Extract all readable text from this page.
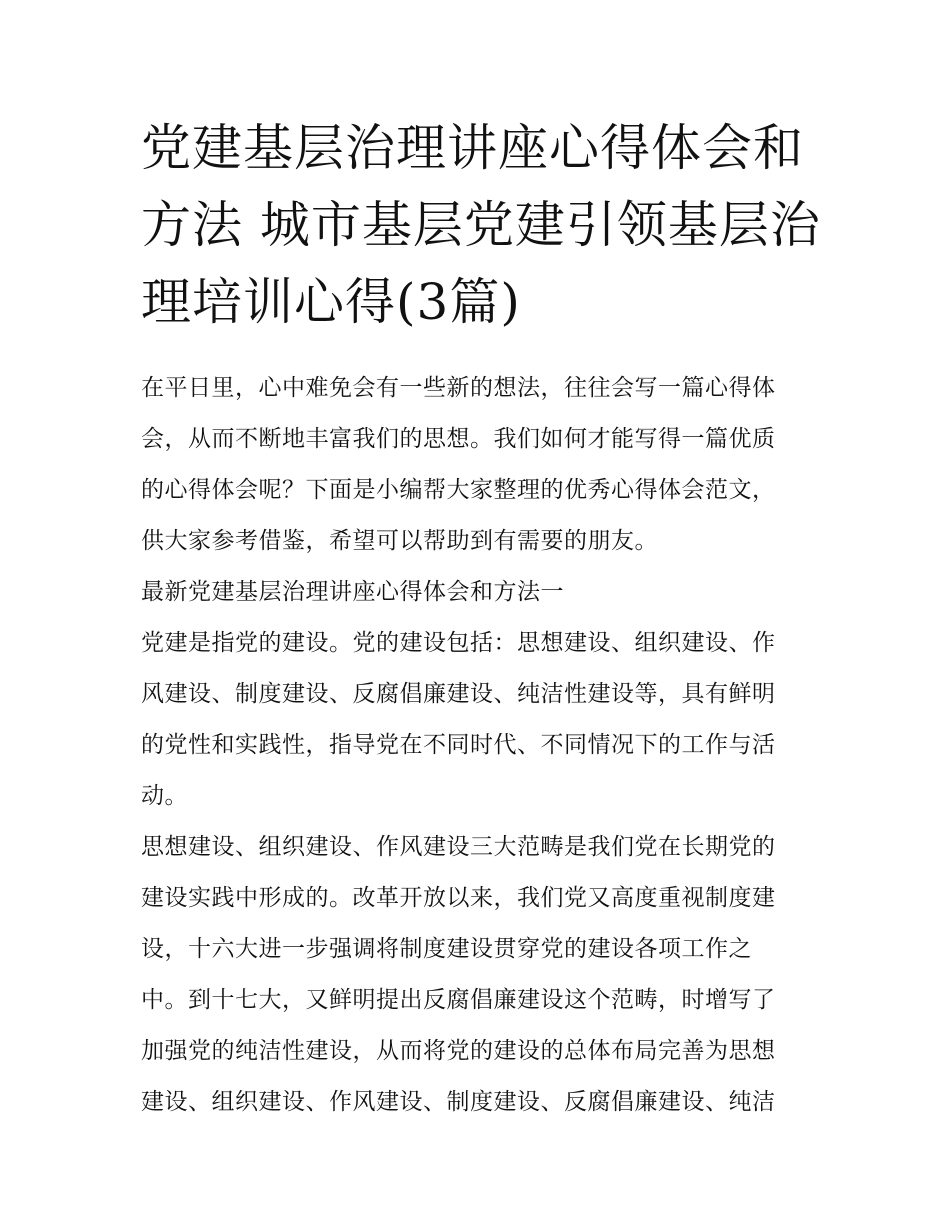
党建基层治理讲座心得体会和
方法 城市基层党建引领基层治
理培训心得(3篇)

在平日里，心中难免会有一些新的想法，往往会写一篇心得体
会，从而不断地丰富我们的思想。我们如何才能写得一篇优质
的心得体会呢？下面是小编帮大家整理的优秀心得体会范文，
供大家参考借鉴，希望可以帮助到有需要的朋友。

最新党建基层治理讲座心得体会和方法一

党建是指党的建设。党的建设包括：思想建设、组织建设、作
风建设、制度建设、反腐倡廉建设、纯洁性建设等，具有鲜明
的党性和实践性，指导党在不同时代、不同情况下的工作与活
动。

思想建设、组织建设、作风建设三大范畴是我们党在长期党的
建设实践中形成的。改革开放以来，我们党又高度重视制度建
设，十六大进一步强调将制度建设贯穿党的建设各项工作之
中。到十七大，又鲜明提出反腐倡廉建设这个范畴，时增写了
加强党的纯洁性建设，从而将党的建设的总体布局完善为思想
建设、组织建设、作风建设、制度建设、反腐倡廉建设、纯洁
